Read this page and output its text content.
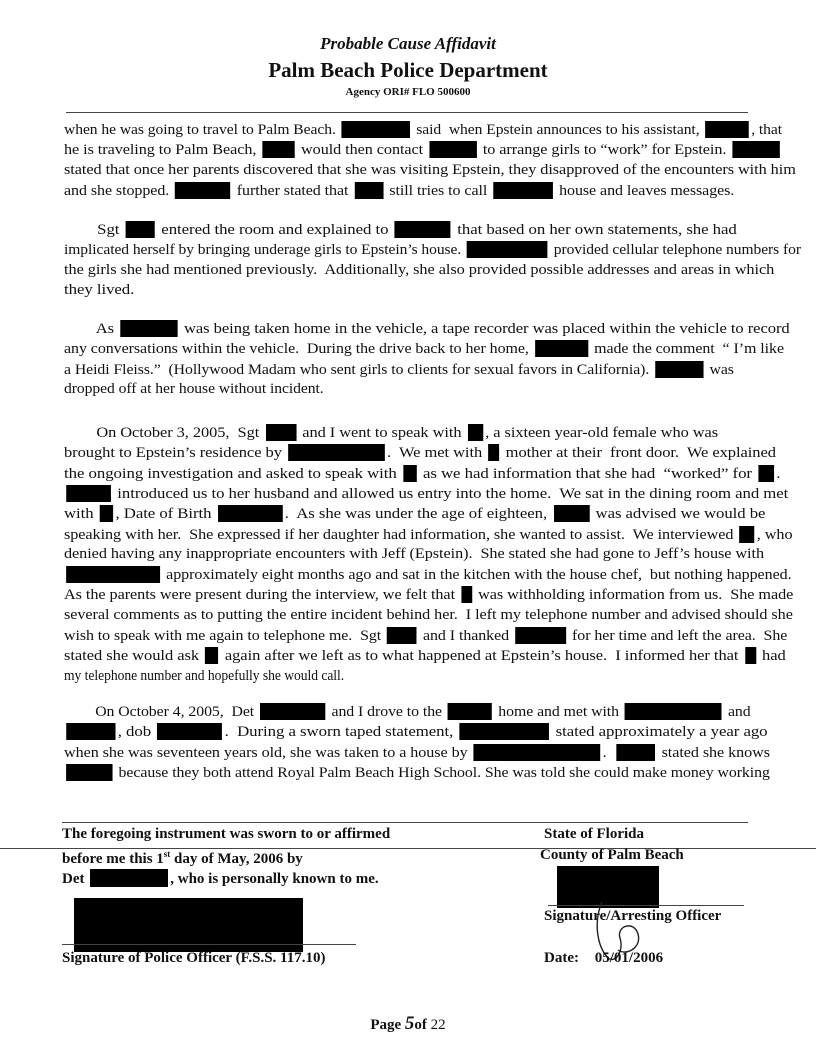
Probable Cause Affidavit
Palm Beach Police Department
Agency ORI# FLO 500600
when he was going to travel to Palm Beach.	said  when Epstein announces to his assistant,	, that
he is traveling to Palm Beach,  would then contact	to arrange girls to “work” for Epstein.
stated that once her parents discovered that she was visiting Epstein, they disapproved of the encounters with him
and she stopped.	further stated that  still tries to call	house and leaves messages.
Sgt  entered the room and explained to	that based on her own statements, she had
implicated herself by bringing underage girls to Epstein’s house.	provided cellular telephone numbers for
the girls she had mentioned previously.  Additionally, she also provided possible addresses and areas in which
they lived.
As	was being taken home in the vehicle, a tape recorder was placed within the vehicle to record
any conversations within the vehicle.  During the drive back to her home,	made the comment  “ I’m like
a Heidi Fleiss.”  (Hollywood Madam who sent girls to clients for sexual favors in California).	was
dropped off at her house without incident.
On October 3, 2005,  Sgt  and I went to speak with , a sixteen year-old female who was
brought to Epstein’s residence by	.  We met with  mother at their  front door.  We explained
the ongoing investigation and asked to speak with  as we had information that she had  “worked” for .
introduced us to her husband and allowed us entry into the home.  We sat in the dining room and met
with , Date of Birth	.  As she was under the age of eighteen,	was advised we would be
speaking with her.  She expressed if her daughter had information, she wanted to assist.  We interviewed , who
denied having any inappropriate encounters with Jeff (Epstein).  She stated she had gone to Jeff’s house with
approximately eight months ago and sat in the kitchen with the house chef,  but nothing happened.
As the parents were present during the interview, we felt that  was withholding information from us.  She made
several comments as to putting the entire incident behind her.  I left my telephone number and advised should she
wish to speak with me again to telephone me.  Sgt  and I thanked	for her time and left the area.  She
stated she would ask  again after we left as to what happened at Epstein’s house.  I informed her that  had
my telephone number and hopefully she would call.
On October 4, 2005,  Det	and I drove to the	home and met with	and
, dob	.  During a sworn taped statement,	stated approximately a year ago
when she was seventeen years old, she was taken to a house by	.	stated she knows
because they both attend Royal Palm Beach High School. She was told she could make money working
The foregoing instrument was sworn to or affirmed
before me this 1st day of May, 2006 by
Det	, who is personally known to me.
Signature of Police Officer (F.S.S. 117.10)
State of Florida
County of Palm Beach
Signature/Arresting Officer
Date: 05/01/2006
Page 5of 22
